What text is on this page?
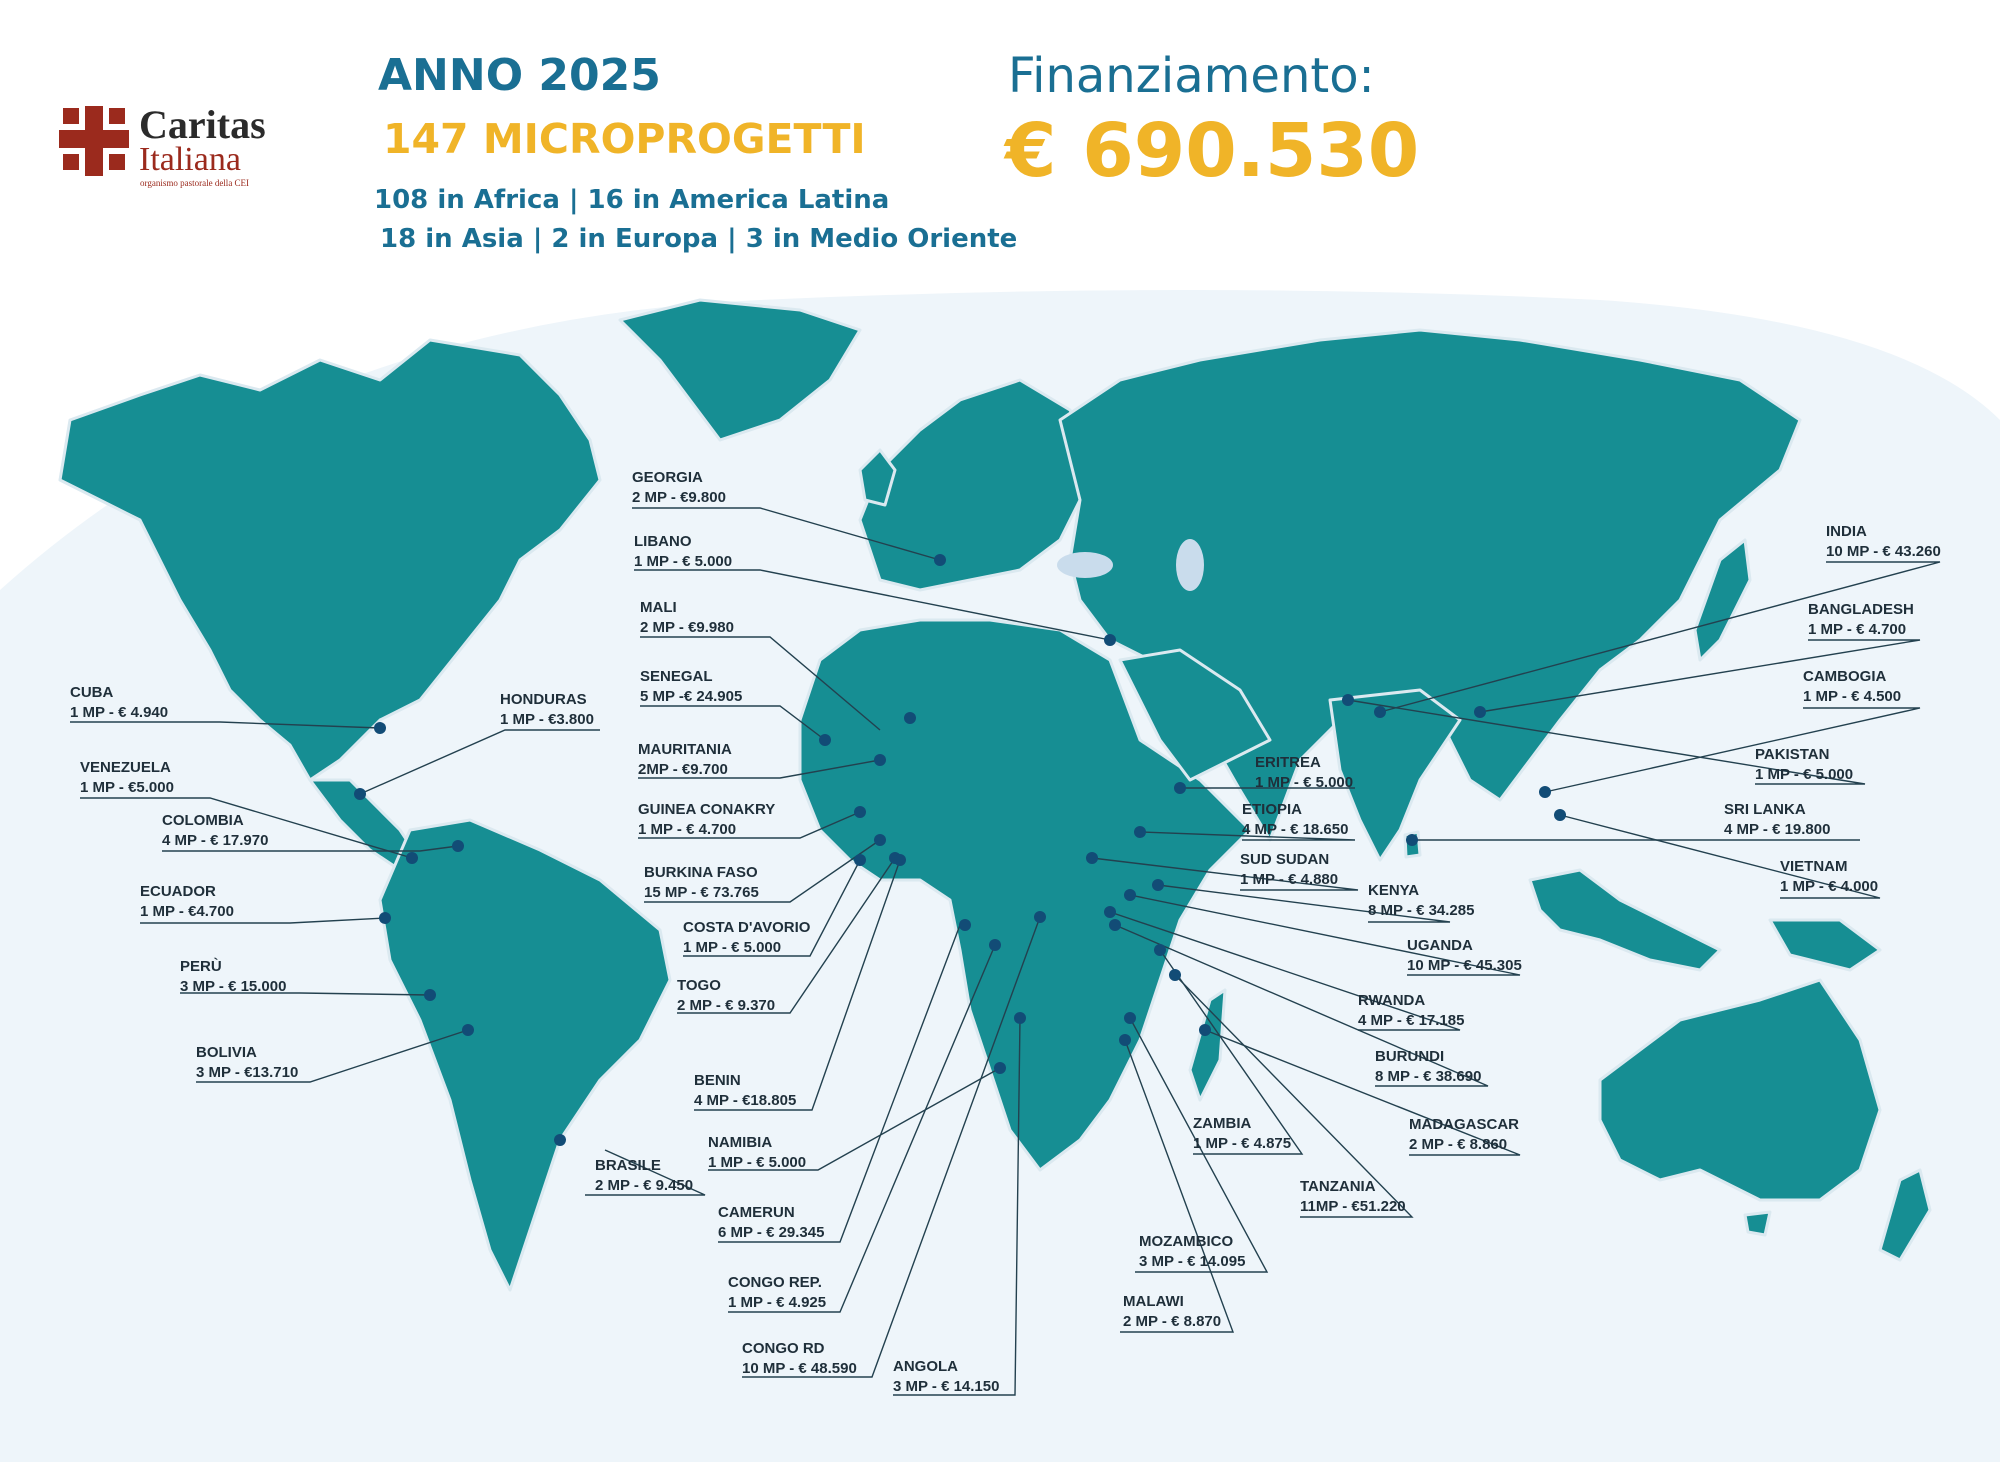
Caritas
Italiana
organismo pastorale della CEI
ANNO 2025
147 MICROPROGETTI
108 in Africa | 16 in America Latina
18 in Asia | 2 in Europa | 3 in Medio Oriente
Finanziamento:
€ 690.530
GEORGIA
2 MP - €9.800
LIBANO
1 MP - € 5.000
MALI
2 MP - €9.980
SENEGAL
5 MP -€ 24.905
MAURITANIA
2MP - €9.700
GUINEA CONAKRY
1 MP - € 4.700
BURKINA FASO
15 MP - € 73.765
COSTA D'AVORIO
1 MP - € 5.000
TOGO
2 MP - € 9.370
BENIN
4 MP - €18.805
NAMIBIA
1 MP - € 5.000
CAMERUN
6 MP - € 29.345
CONGO REP.
1 MP - € 4.925
CONGO RD
10 MP - € 48.590 ANGOLA
3 MP - € 14.150
CUBA
1 MP - € 4.940
HONDURAS
1 MP - €3.800
VENEZUELA
1 MP - €5.000
COLOMBIA
4 MP - € 17.970
ECUADOR
1 MP - €4.700
PERÙ
3 MP - € 15.000
BOLIVIA
3 MP - €13.710
BRASILE
2 MP - € 9.450
INDIA
10 MP - € 43.260
BANGLADESH
1 MP - € 4.700
CAMBOGIA
1 MP - € 4.500
PAKISTAN
1 MP - € 5.000
SRI LANKA
4 MP - € 19.800
VIETNAM
1 MP - € 4.000
ERITREA
1 MP - € 5.000
ETIOPIA
4 MP - € 18.650
SUD SUDAN
1 MP - € 4.880
KENYA
8 MP - € 34.285
UGANDA
10 MP - € 45.305
RWANDA
4 MP - € 17.185
BURUNDI
8 MP - € 38.690
MADAGASCAR
2 MP - € 8.860
ZAMBIA
1 MP - € 4.875
TANZANIA
11MP - €51.220
MOZAMBICO
3 MP - € 14.095
MALAWI
2 MP - € 8.870
